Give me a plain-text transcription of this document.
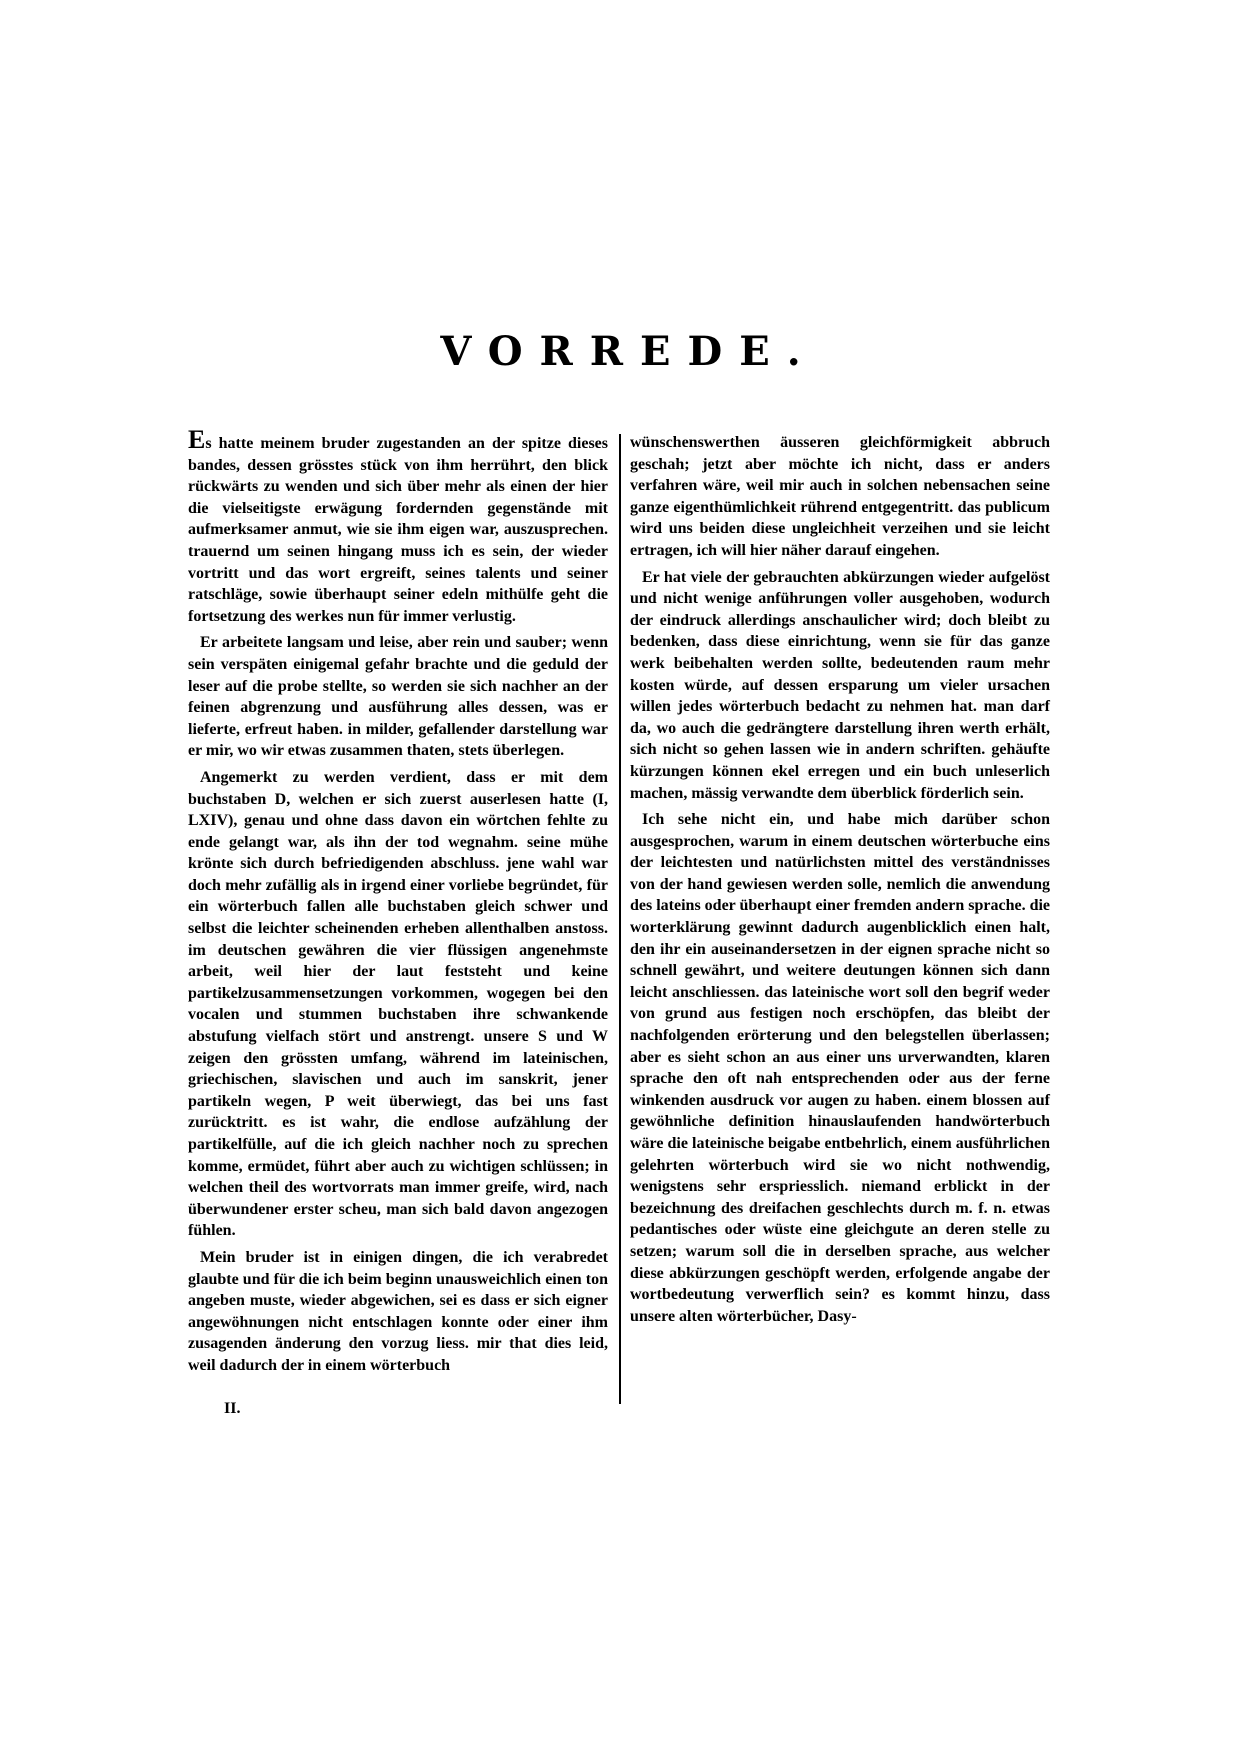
VORREDE.

Es hatte meinem bruder zugestanden an der spitze dieses bandes, dessen grösstes stück von ihm herrührt, den blick rückwärts zu wenden und sich über mehr als einen der hier die vielseitigste erwägung fordernden gegenstände mit aufmerksamer anmut, wie sie ihm eigen war, auszusprechen. trauernd um seinen hingang muss ich es sein, der wieder vortritt und das wort ergreift, seines talents und seiner ratschläge, sowie überhaupt seiner edeln mithülfe geht die fortsetzung des werkes nun für immer verlustig.

Er arbeitete langsam und leise, aber rein und sauber; wenn sein verspäten einigemal gefahr brachte und die geduld der leser auf die probe stellte, so werden sie sich nachher an der feinen abgrenzung und ausführung alles dessen, was er lieferte, erfreut haben. in milder, gefallender darstellung war er mir, wo wir etwas zusammen thaten, stets überlegen.

Angemerkt zu werden verdient, dass er mit dem buchstaben D, welchen er sich zuerst auserlesen hatte (I, LXIV), genau und ohne dass davon ein wörtchen fehlte zu ende gelangt war, als ihn der tod wegnahm. seine mühe krönte sich durch befriedigenden abschluss. jene wahl war doch mehr zufällig als in irgend einer vorliebe begründet, für ein wörterbuch fallen alle buchstaben gleich schwer und selbst die leichter scheinenden erheben allenthalben anstoss. im deutschen gewähren die vier flüssigen angenehmste arbeit, weil hier der laut feststeht und keine partikelzusammensetzungen vorkommen, wogegen bei den vocalen und stummen buchstaben ihre schwankende abstufung vielfach stört und anstrengt. unsere S und W zeigen den grössten umfang, während im lateinischen, griechischen, slavischen und auch im sanskrit, jener partikeln wegen, P weit überwiegt, das bei uns fast zurücktritt. es ist wahr, die endlose aufzählung der partikelfülle, auf die ich gleich nachher noch zu sprechen komme, ermüdet, führt aber auch zu wichtigen schlüssen; in welchen theil des wortvorrats man immer greife, wird, nach überwundener erster scheu, man sich bald davon angezogen fühlen.

Mein bruder ist in einigen dingen, die ich verabredet glaubte und für die ich beim beginn unausweichlich einen ton angeben muste, wieder abgewichen, sei es dass er sich eigner angewöhnungen nicht entschlagen konnte oder einer ihm zusagenden änderung den vorzug liess. mir that dies leid, weil dadurch der in einem wörterbuch

wünschenswerthen äusseren gleichförmigkeit abbruch geschah; jetzt aber möchte ich nicht, dass er anders verfahren wäre, weil mir auch in solchen nebensachen seine ganze eigenthümlichkeit rührend entgegentritt. das publicum wird uns beiden diese ungleichheit verzeihen und sie leicht ertragen, ich will hier näher darauf eingehen.

Er hat viele der gebrauchten abkürzungen wieder aufgelöst und nicht wenige anführungen voller ausgehoben, wodurch der eindruck allerdings anschaulicher wird; doch bleibt zu bedenken, dass diese einrichtung, wenn sie für das ganze werk beibehalten werden sollte, bedeutenden raum mehr kosten würde, auf dessen ersparung um vieler ursachen willen jedes wörterbuch bedacht zu nehmen hat. man darf da, wo auch die gedrängtere darstellung ihren werth erhält, sich nicht so gehen lassen wie in andern schriften. gehäufte kürzungen können ekel erregen und ein buch unleserlich machen, mässig verwandte dem überblick förderlich sein.

Ich sehe nicht ein, und habe mich darüber schon ausgesprochen, warum in einem deutschen wörterbuche eins der leichtesten und natürlichsten mittel des verständnisses von der hand gewiesen werden solle, nemlich die anwendung des lateins oder überhaupt einer fremden andern sprache. die worterklärung gewinnt dadurch augenblicklich einen halt, den ihr ein auseinandersetzen in der eignen sprache nicht so schnell gewährt, und weitere deutungen können sich dann leicht anschliessen. das lateinische wort soll den begrif weder von grund aus festigen noch erschöpfen, das bleibt der nachfolgenden erörterung und den belegstellen überlassen; aber es sieht schon an aus einer uns urverwandten, klaren sprache den oft nah entsprechenden oder aus der ferne winkenden ausdruck vor augen zu haben. einem blossen auf gewöhnliche definition hinauslaufenden handwörterbuch wäre die lateinische beigabe entbehrlich, einem ausführlichen gelehrten wörterbuch wird sie wo nicht nothwendig, wenigstens sehr erspriesslich. niemand erblickt in der bezeichnung des dreifachen geschlechts durch m. f. n. etwas pedantisches oder wüste eine gleichgute an deren stelle zu setzen; warum soll die in derselben sprache, aus welcher diese abkürzungen geschöpft werden, erfolgende angabe der wortbedeutung verwerflich sein? es kommt hinzu, dass unsere alten wörterbücher, Dasy-

II.
